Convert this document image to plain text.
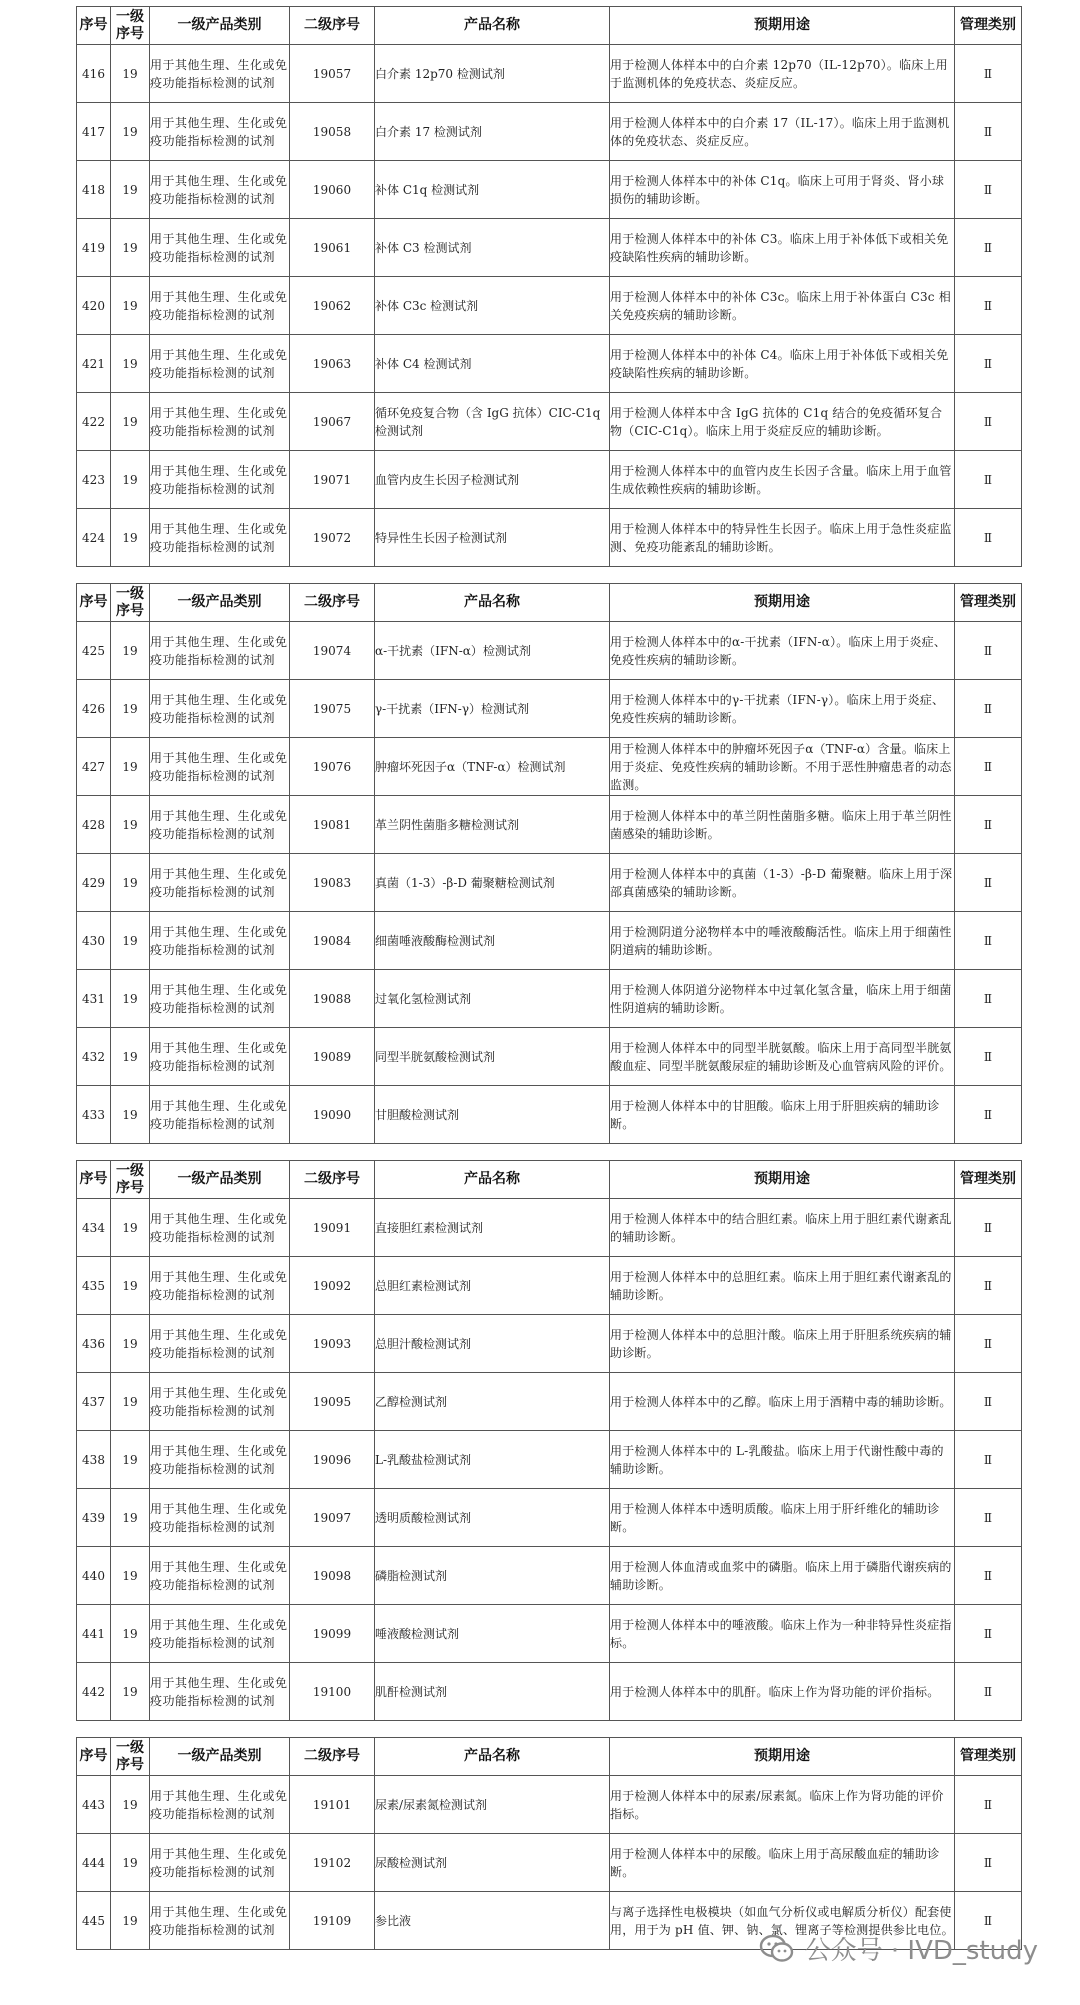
序号	一级序号	一级产品类别	二级序号	产品名称	预期用途	管理类别
416	19	用于其他生理、生化或免疫功能指标检测的试剂	19057	白介素 12p70 检测试剂	用于检测人体样本中的白介素 12p70（IL-12p70）。临床上用于监测机体的免疫状态、炎症反应。	Ⅱ
417	19	用于其他生理、生化或免疫功能指标检测的试剂	19058	白介素 17 检测试剂	用于检测人体样本中的白介素 17（IL-17）。临床上用于监测机体的免疫状态、炎症反应。	Ⅱ
418	19	用于其他生理、生化或免疫功能指标检测的试剂	19060	补体 C1q 检测试剂	用于检测人体样本中的补体 C1q。临床上可用于肾炎、肾小球损伤的辅助诊断。	Ⅱ
419	19	用于其他生理、生化或免疫功能指标检测的试剂	19061	补体 C3 检测试剂	用于检测人体样本中的补体 C3。临床上用于补体低下或相关免疫缺陷性疾病的辅助诊断。	Ⅱ
420	19	用于其他生理、生化或免疫功能指标检测的试剂	19062	补体 C3c 检测试剂	用于检测人体样本中的补体 C3c。临床上用于补体蛋白 C3c 相关免疫疾病的辅助诊断。	Ⅱ
421	19	用于其他生理、生化或免疫功能指标检测的试剂	19063	补体 C4 检测试剂	用于检测人体样本中的补体 C4。临床上用于补体低下或相关免疫缺陷性疾病的辅助诊断。	Ⅱ
422	19	用于其他生理、生化或免疫功能指标检测的试剂	19067	循环免疫复合物（含 IgG 抗体）CIC-C1q 检测试剂	用于检测人体样本中含 IgG 抗体的 C1q 结合的免疫循环复合物（CIC-C1q）。临床上用于炎症反应的辅助诊断。	Ⅱ
423	19	用于其他生理、生化或免疫功能指标检测的试剂	19071	血管内皮生长因子检测试剂	用于检测人体样本中的血管内皮生长因子含量。临床上用于血管生成依赖性疾病的辅助诊断。	Ⅱ
424	19	用于其他生理、生化或免疫功能指标检测的试剂	19072	特异性生长因子检测试剂	用于检测人体样本中的特异性生长因子。临床上用于急性炎症监测、免疫功能紊乱的辅助诊断。	Ⅱ
序号	一级序号	一级产品类别	二级序号	产品名称	预期用途	管理类别
425	19	用于其他生理、生化或免疫功能指标检测的试剂	19074	α-干扰素（IFN-α）检测试剂	用于检测人体样本中的α-干扰素（IFN-α）。临床上用于炎症、免疫性疾病的辅助诊断。	Ⅱ
426	19	用于其他生理、生化或免疫功能指标检测的试剂	19075	γ-干扰素（IFN-γ）检测试剂	用于检测人体样本中的γ-干扰素（IFN-γ）。临床上用于炎症、免疫性疾病的辅助诊断。	Ⅱ
427	19	用于其他生理、生化或免疫功能指标检测的试剂	19076	肿瘤坏死因子α（TNF-α）检测试剂	用于检测人体样本中的肿瘤坏死因子α（TNF-α）含量。临床上用于炎症、免疫性疾病的辅助诊断。不用于恶性肿瘤患者的动态监测。	Ⅱ
428	19	用于其他生理、生化或免疫功能指标检测的试剂	19081	革兰阴性菌脂多糖检测试剂	用于检测人体样本中的革兰阴性菌脂多糖。临床上用于革兰阴性菌感染的辅助诊断。	Ⅱ
429	19	用于其他生理、生化或免疫功能指标检测的试剂	19083	真菌（1-3）-β-D 葡聚糖检测试剂	用于检测人体样本中的真菌（1-3）-β-D 葡聚糖。临床上用于深部真菌感染的辅助诊断。	Ⅱ
430	19	用于其他生理、生化或免疫功能指标检测的试剂	19084	细菌唾液酸酶检测试剂	用于检测阴道分泌物样本中的唾液酸酶活性。临床上用于细菌性阴道病的辅助诊断。	Ⅱ
431	19	用于其他生理、生化或免疫功能指标检测的试剂	19088	过氧化氢检测试剂	用于检测人体阴道分泌物样本中过氧化氢含量，临床上用于细菌性阴道病的辅助诊断。	Ⅱ
432	19	用于其他生理、生化或免疫功能指标检测的试剂	19089	同型半胱氨酸检测试剂	用于检测人体样本中的同型半胱氨酸。临床上用于高同型半胱氨酸血症、同型半胱氨酸尿症的辅助诊断及心血管病风险的评价。	Ⅱ
433	19	用于其他生理、生化或免疫功能指标检测的试剂	19090	甘胆酸检测试剂	用于检测人体样本中的甘胆酸。临床上用于肝胆疾病的辅助诊断。	Ⅱ
序号	一级序号	一级产品类别	二级序号	产品名称	预期用途	管理类别
434	19	用于其他生理、生化或免疫功能指标检测的试剂	19091	直接胆红素检测试剂	用于检测人体样本中的结合胆红素。临床上用于胆红素代谢紊乱的辅助诊断。	Ⅱ
435	19	用于其他生理、生化或免疫功能指标检测的试剂	19092	总胆红素检测试剂	用于检测人体样本中的总胆红素。临床上用于胆红素代谢紊乱的辅助诊断。	Ⅱ
436	19	用于其他生理、生化或免疫功能指标检测的试剂	19093	总胆汁酸检测试剂	用于检测人体样本中的总胆汁酸。临床上用于肝胆系统疾病的辅助诊断。	Ⅱ
437	19	用于其他生理、生化或免疫功能指标检测的试剂	19095	乙醇检测试剂	用于检测人体样本中的乙醇。临床上用于酒精中毒的辅助诊断。	Ⅱ
438	19	用于其他生理、生化或免疫功能指标检测的试剂	19096	L-乳酸盐检测试剂	用于检测人体样本中的 L-乳酸盐。临床上用于代谢性酸中毒的辅助诊断。	Ⅱ
439	19	用于其他生理、生化或免疫功能指标检测的试剂	19097	透明质酸检测试剂	用于检测人体样本中透明质酸。临床上用于肝纤维化的辅助诊断。	Ⅱ
440	19	用于其他生理、生化或免疫功能指标检测的试剂	19098	磷脂检测试剂	用于检测人体血清或血浆中的磷脂。临床上用于磷脂代谢疾病的辅助诊断。	Ⅱ
441	19	用于其他生理、生化或免疫功能指标检测的试剂	19099	唾液酸检测试剂	用于检测人体样本中的唾液酸。临床上作为一种非特异性炎症指标。	Ⅱ
442	19	用于其他生理、生化或免疫功能指标检测的试剂	19100	肌酐检测试剂	用于检测人体样本中的肌酐。临床上作为肾功能的评价指标。	Ⅱ
序号	一级序号	一级产品类别	二级序号	产品名称	预期用途	管理类别
443	19	用于其他生理、生化或免疫功能指标检测的试剂	19101	尿素/尿素氮检测试剂	用于检测人体样本中的尿素/尿素氮。临床上作为肾功能的评价指标。	Ⅱ
444	19	用于其他生理、生化或免疫功能指标检测的试剂	19102	尿酸检测试剂	用于检测人体样本中的尿酸。临床上用于高尿酸血症的辅助诊断。	Ⅱ
445	19	用于其他生理、生化或免疫功能指标检测的试剂	19109	参比液	与离子选择性电极模块（如血气分析仪或电解质分析仪）配套使用，用于为 pH 值、钾、钠、氯、锂离子等检测提供参比电位。	Ⅱ
公众号 · IVD_study
